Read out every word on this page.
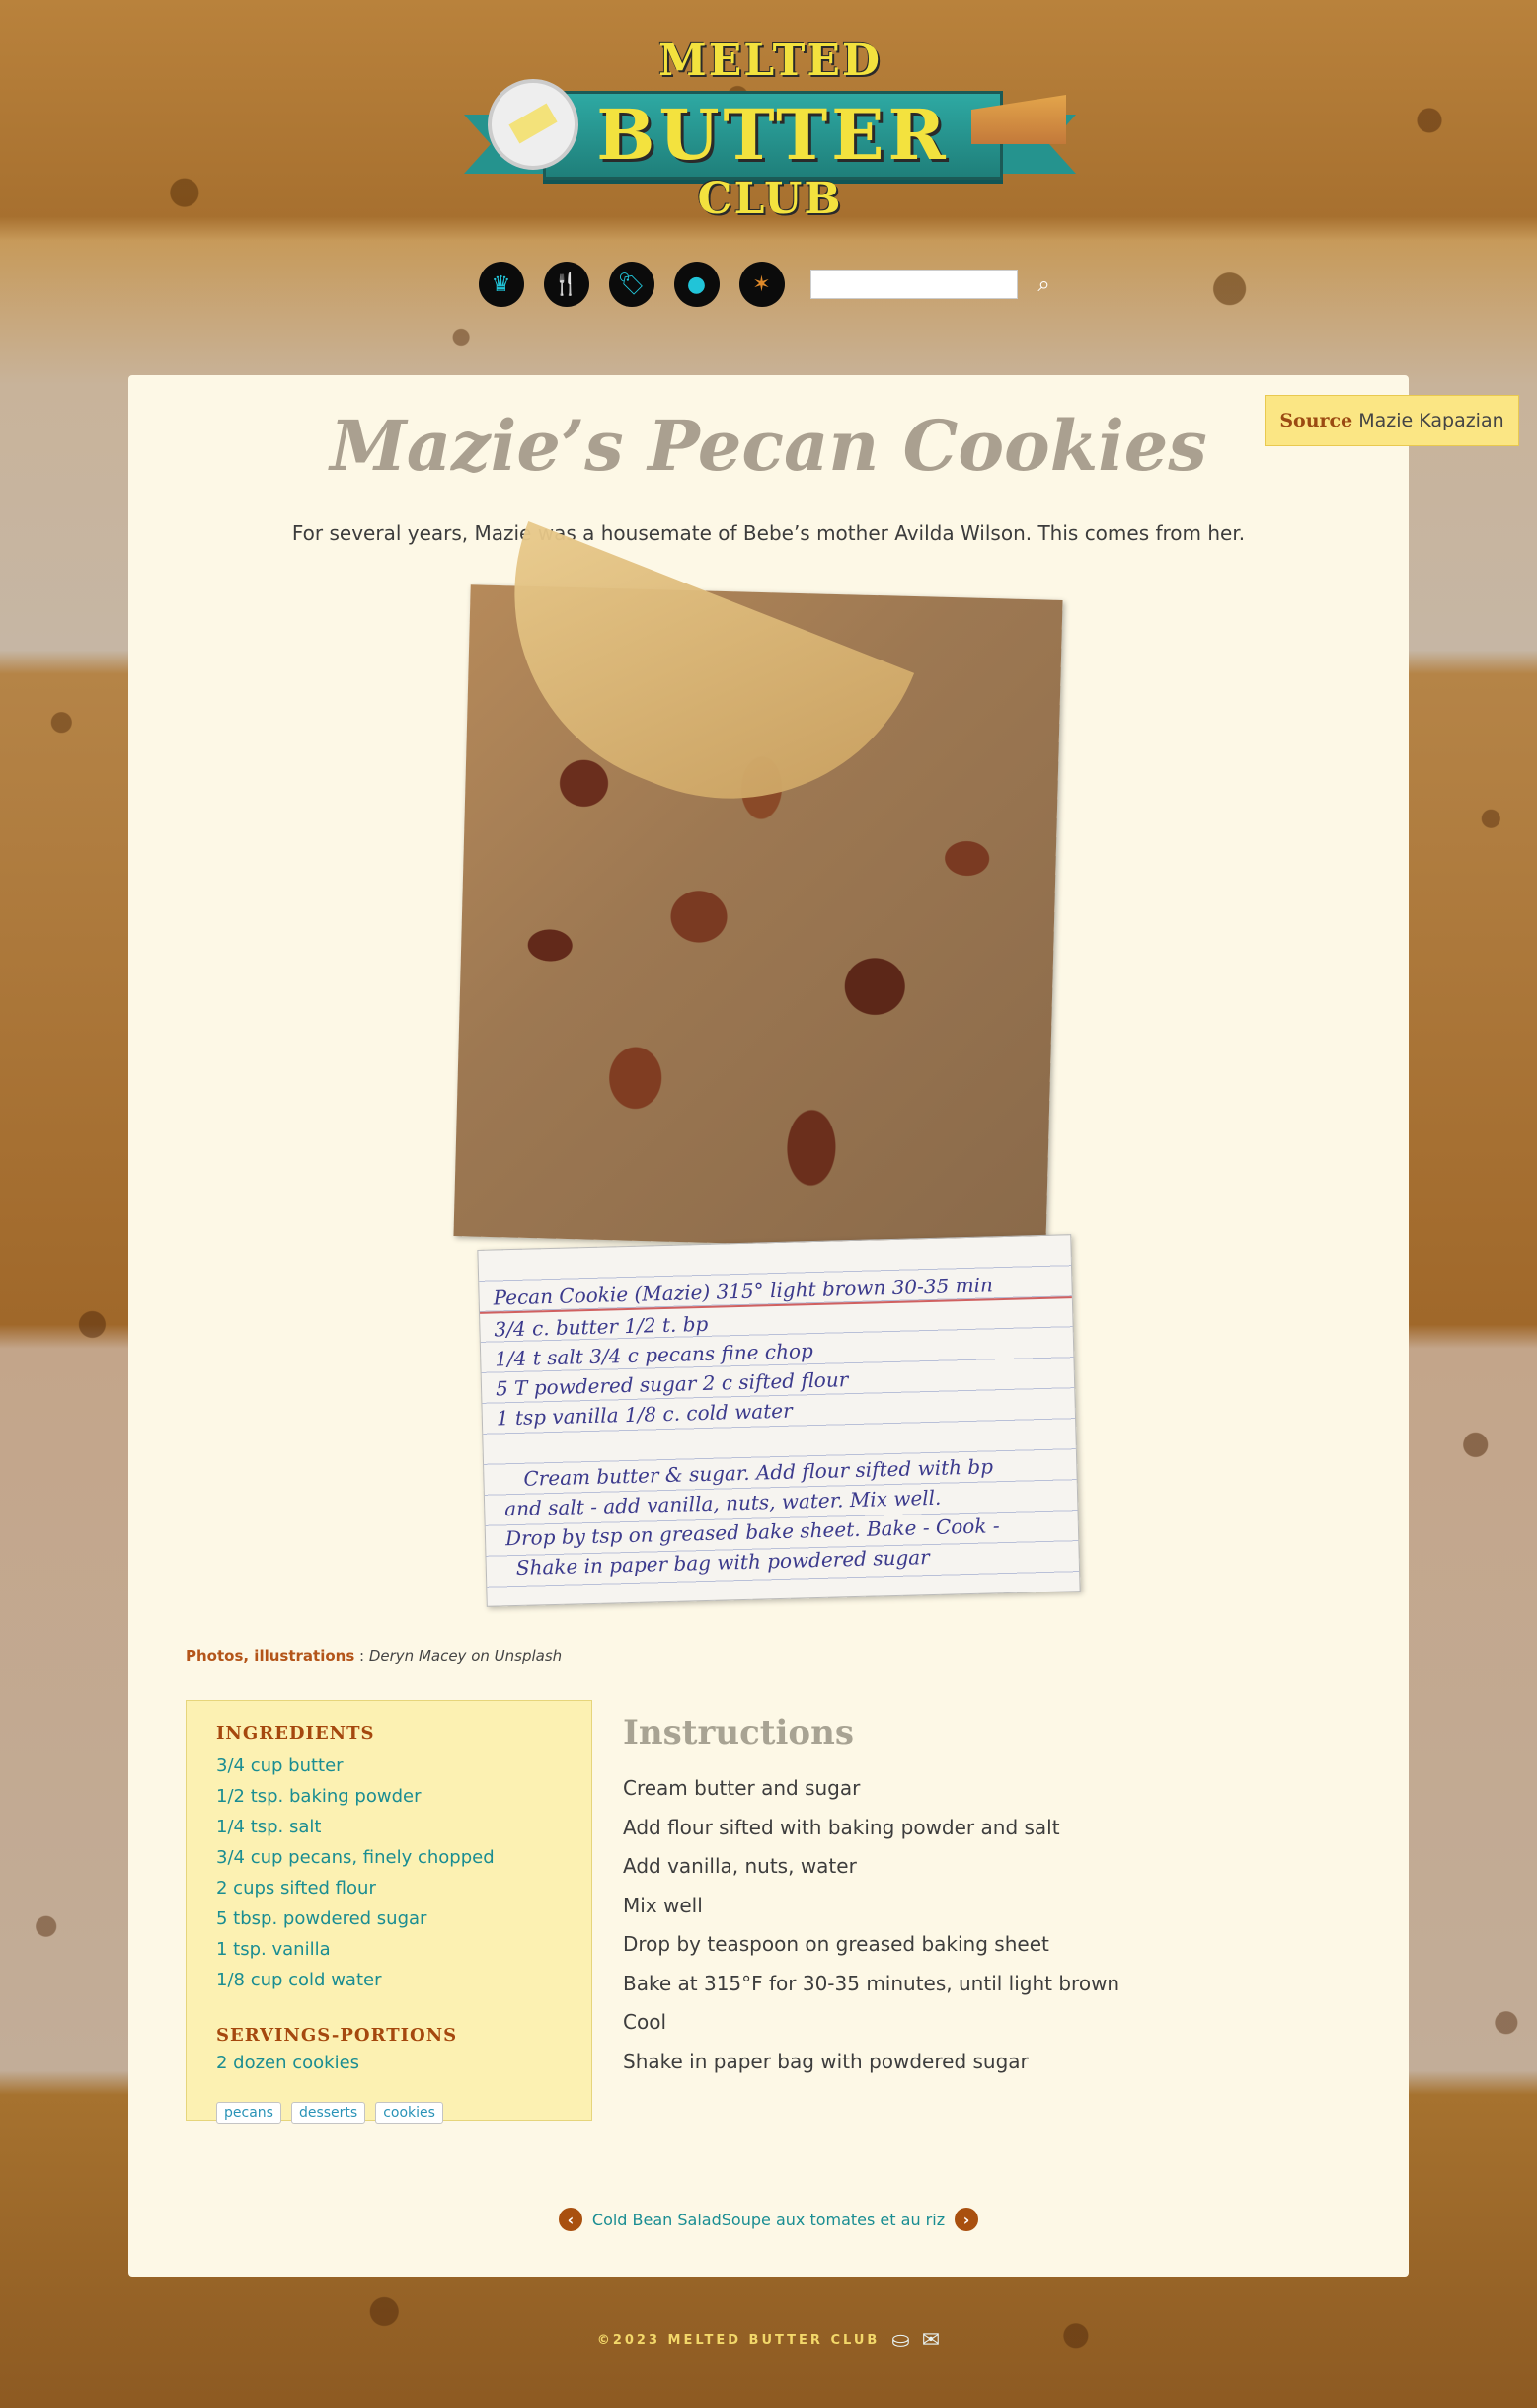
MELTED
BUTTER
CLUB
♛	🍴	🏷	●	✶	⌕
Source Mazie Kapazian
Mazie’s Pecan Cookies

For several years, Mazie was a housemate of Bebe’s mother Avilda Wilson. This comes from her.

Pecan Cookie (Mazie) 315° light brown 30-35 min
3/4 c. butter 1/2 t. bp
1/4 t salt 3/4 c pecans fine chop
5 T powdered sugar 2 c sifted flour
1 tsp vanilla 1/8 c. cold water
Cream butter & sugar. Add flour sifted with bp
and salt - add vanilla, nuts, water. Mix well.
Drop by tsp on greased bake sheet. Bake - Cook -
Shake in paper bag with powdered sugar
Photos, illustrations : Deryn Macey on Unsplash
INGREDIENTS
3/4 cup butter
1/2 tsp. baking powder
1/4 tsp. salt
3/4 cup pecans, finely chopped
2 cups sifted flour
5 tbsp. powdered sugar
1 tsp. vanilla
1/8 cup cold water
SERVINGS-PORTIONS
2 dozen cookies
pecans	desserts	cookies
Instructions
Cream butter and sugar
Add flour sifted with baking powder and salt
Add vanilla, nuts, water
Mix well
Drop by teaspoon on greased baking sheet
Bake at 315°F for 30-35 minutes, until light brown
Cool
Shake in paper bag with powdered sugar
‹	Cold Bean Salad Soupe aux tomates et au riz	›
©2023 MELTED BUTTER CLUB ⛀ ✉
